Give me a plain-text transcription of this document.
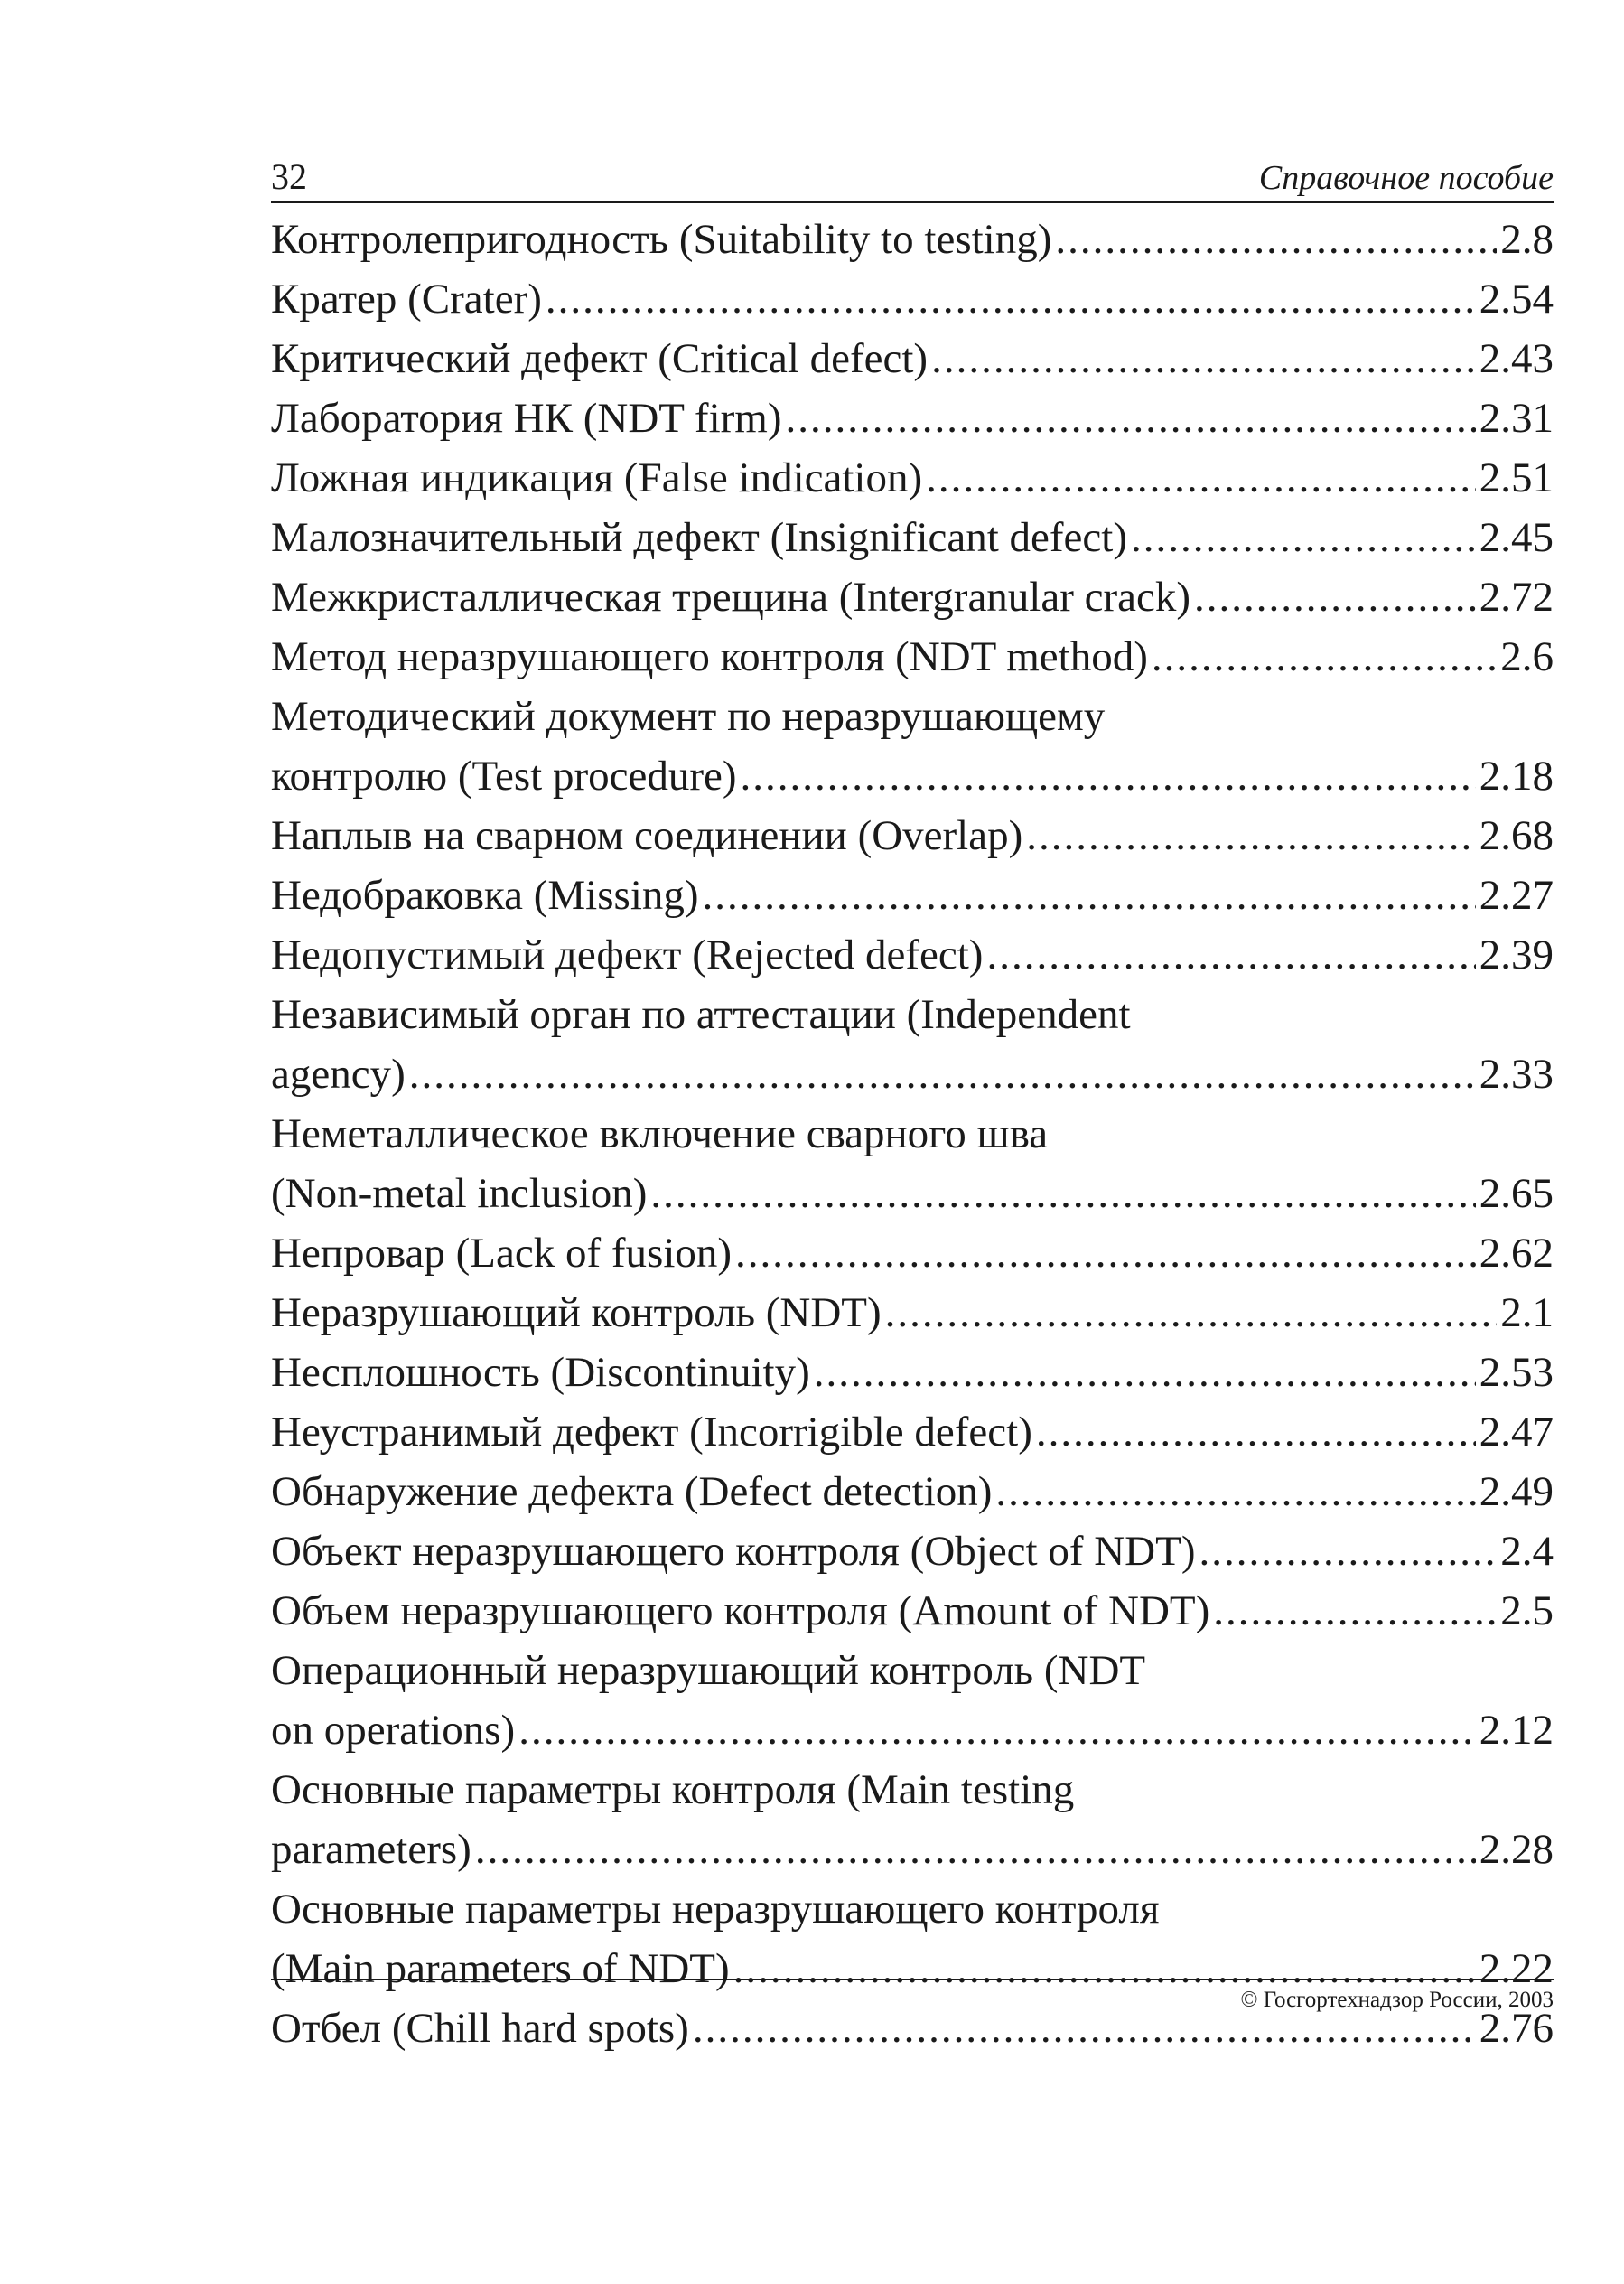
32	Справочное пособие
Контролепригодность (Suitability to testing) .....	2.8
Кратер (Crater) .....	2.54
Критический дефект (Critical defect) .....	2.43
Лаборатория НК (NDT firm) .....	2.31
Ложная индикация (False indication) .....	2.51
Малозначительный дефект (Insignificant defect) .....	2.45
Межкристаллическая трещина (Intergranular crack) .....	2.72
Метод неразрушающего контроля (NDT method) .....	2.6
Методический документ по неразрушающему
контролю (Test procedure) .....	2.18
Наплыв на сварном соединении (Overlap) .....	2.68
Недобраковка (Missing) .....	2.27
Недопустимый дефект (Rejected defect) .....	2.39
Независимый орган по аттестации (Independent
agency) .....	2.33
Неметаллическое включение сварного шва
(Non-metal inclusion) .....	2.65
Непровар (Lack of fusion) .....	2.62
Неразрушающий контроль (NDT) .....	2.1
Несплошность (Discontinuity) .....	2.53
Неустранимый дефект (Incorrigible defect) .....	2.47
Обнаружение дефекта (Defect detection) .....	2.49
Объект неразрушающего контроля (Object of NDT) .....	2.4
Объем неразрушающего контроля (Amount of NDT) .....	2.5
Операционный неразрушающий контроль (NDT
on operations) .....	2.12
Основные параметры контроля (Main testing
parameters) .....	2.28
Основные параметры неразрушающего контроля
(Main parameters of NDT) .....	2.22
Отбел (Chill hard spots) .....	2.76
© Госгортехнадзор России, 2003
